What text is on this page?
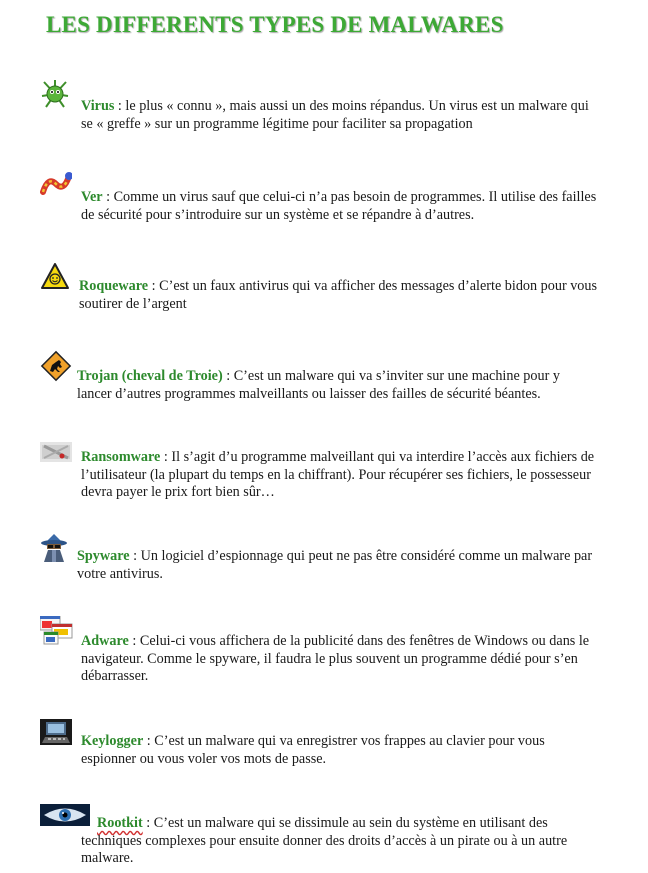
LES DIFFERENTS TYPES DE MALWARES
Virus : le plus « connu », mais aussi un des moins répandus. Un virus est un malware qui se « greffe » sur un programme légitime pour faciliter sa propagation
Ver : Comme un virus sauf que celui-ci n’a pas besoin de programmes. Il utilise des failles de sécurité pour s’introduire sur un système et se répandre à d’autres.
Roqueware : C’est un faux antivirus qui va afficher des messages d’alerte bidon pour vous soutirer de l’argent
Trojan (cheval de Troie) : C’est un malware qui va s’inviter sur une machine pour y lancer d’autres programmes malveillants ou laisser des failles de sécurité béantes.
Ransomware : Il s’agit d’u programme malveillant qui va interdire l’accès aux fichiers de l’utilisateur (la plupart du temps en la chiffrant). Pour récupérer ses fichiers, le possesseur devra payer le prix fort bien sûr…
Spyware : Un logiciel d’espionnage qui peut ne pas être considéré comme un malware par votre antivirus.
Adware : Celui-ci vous affichera de la publicité dans des fenêtres de Windows ou dans le navigateur. Comme le spyware, il faudra le plus souvent un programme dédié pour s’en débarrasser.
Keylogger : C’est un malware qui va enregistrer vos frappes au clavier pour vous espionner ou vous voler vos mots de passe.
Rootkit : C’est un malware qui se dissimule au sein du système en utilisant des techniques complexes pour ensuite donner des droits d’accès à un pirate ou à un autre malware.
